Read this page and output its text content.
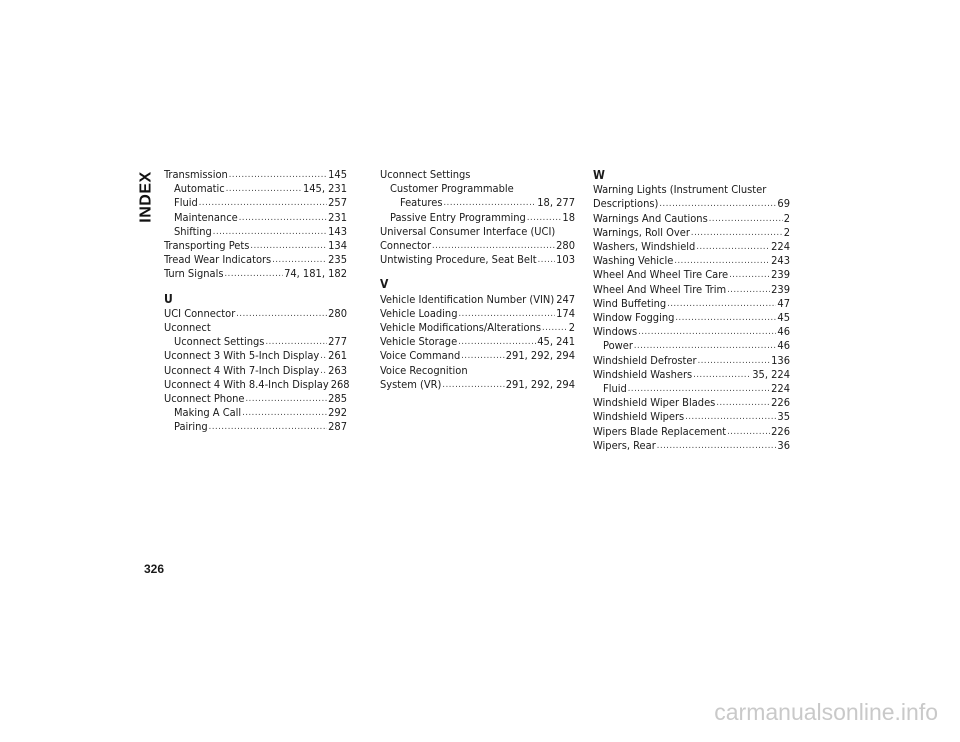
INDEX Transmission .....	145
Automatic .....	145, 231
Fluid .....	257
Maintenance .....	231
Shifting .....	143
Transporting Pets .....	134
Tread Wear Indicators .....	235
Turn Signals .....	74, 181, 182
U
UCI Connector .....	280
Uconnect
Uconnect Settings .....	277
Uconnect 3 With 5-Inch Display ..... 261
Uconnect 4 With 7-Inch Display ..... 263
Uconnect 4 With 8.4-Inch Display 268
Uconnect Phone .....	285
Making A Call .....	292
Pairing .....	287
Uconnect Settings
Customer Programmable
Features .....	18, 277
Passive Entry Programming .....	18
Universal Consumer Interface (UCI)
Connector .....	280
Untwisting Procedure, Seat Belt ..... 103
V
Vehicle Identification Number (VIN) 247
Vehicle Loading .....	174
Vehicle Modifications/Alterations .....	2
Vehicle Storage .....	45, 241
Voice Command .....	291, 292, 294
Voice Recognition
System (VR) .....	291, 292, 294
W
Warning Lights (Instrument Cluster
Descriptions) .....	69
Warnings And Cautions .....	2
Warnings, Roll Over .....	2
Washers, Windshield .....	224
Washing Vehicle .....	243
Wheel And Wheel Tire Care .....	239
Wheel And Wheel Tire Trim .....	239
Wind Buffeting .....	47
Window Fogging .....	45
Windows .....	46
Power .....	46
Windshield Defroster .....	136
Windshield Washers .....	35, 224
Fluid .....	224
Windshield Wiper Blades .....	226
Windshield Wipers .....	35
Wipers Blade Replacement .....	226
Wipers, Rear .....	36
326
carmanualsonline.info
